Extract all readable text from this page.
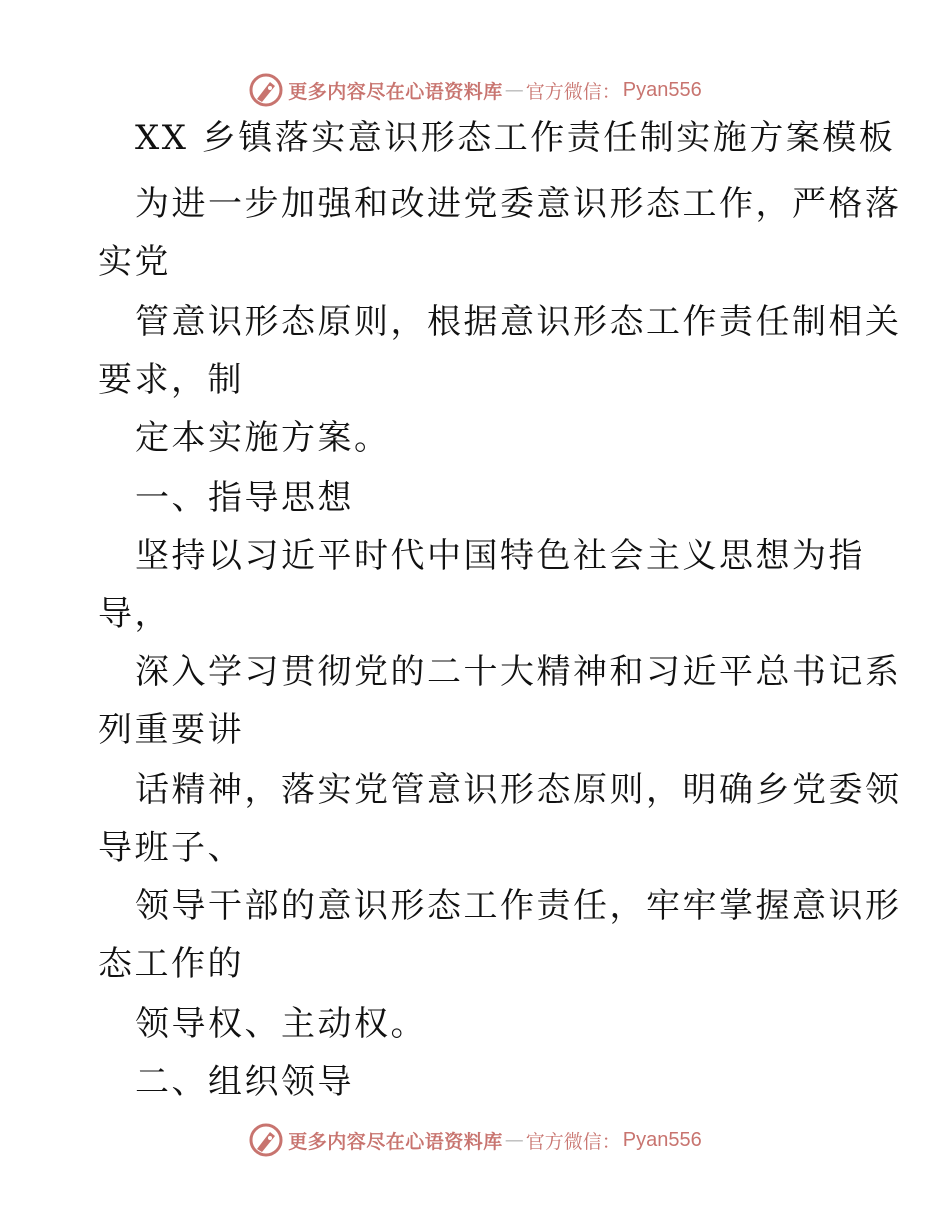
更多内容尽在心语资料库 — 官方微信： Pyan556
XX 乡镇落实意识形态工作责任制实施方案模板
为进一步加强和改进党委意识形态工作，严格落
实党
管意识形态原则，根据意识形态工作责任制相关
要求，制
定本实施方案。
一、指导思想
坚持以习近平时代中国特色社会主义思想为指
导，
深入学习贯彻党的二十大精神和习近平总书记系
列重要讲
话精神，落实党管意识形态原则，明确乡党委领
导班子、
领导干部的意识形态工作责任，牢牢掌握意识形
态工作的
领导权、主动权。
二、组织领导
更多内容尽在心语资料库 — 官方微信： Pyan556
